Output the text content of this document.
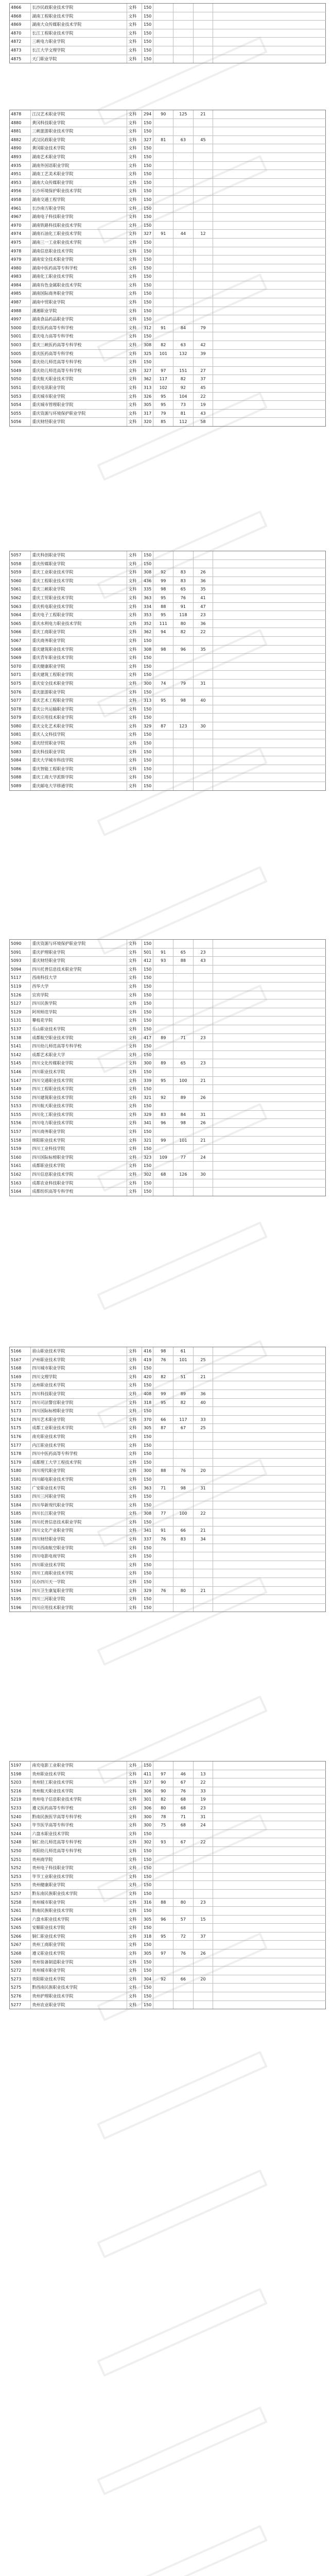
4866	长沙民政职业技术学院	文科	150
4868	湖南工程职业技术学院	文科	150
4869	湖南大众传媒职业技术学院	文科	150
4870	长江工程职业技术学院	文科	150
4872	三峡电力职业学院	文科	150
4873	长江大学文理学院	文科	150
4875	天门职业学院	文科	150
4878	江汉艺术职业学院	文科	294	90	125	21
4880	黄冈科技职业学院	文科	150
4881	三峡旅游职业技术学院	文科	150
4882	武汉民政职业学院	文科	327	81	63	45
4890	黄冈职业技术学院	文科	150
4893	湖南艺术职业学院	文科	150
4935	湖南外国语职业学院	文科	150
4951	湖南工艺美术职业学院	文科	150
4953	湖南大众传媒职业学院	文科	150
4956	长沙环境保护职业技术学院	文科	150
4958	湖南交通工程学院	文科	150
4961	长沙南方职业学院	文科	150
4967	湖南电子科技职业学院	文科	150
4970	湖南铁路科技职业技术学院	文科	150
4974	湖南石油化工职业技术学院	文科	327	91	44	12
4975	湖南三一工业职业技术学院	文科	150
4978	湖南信息职业技术学院	文科	150
4979	湖南安全技术职业学院	文科	150
4980	湖南中医药高等专科学校	文科	150
4983	湖南化工职业技术学院	文科	150
4984	湖南有色金属职业技术学院	文科	150
4985	湖南国际商务职业学院	文科	150
4987	湖南中贸职业学院	文科	150
4988	潇湘职业学院	文科	150
4997	湖南食品药品职业学院	文科	150
5000	重庆医药高等专科学校	文科	312	91	84	79
5001	重庆电力高等专科学校	文科	150
5003	重庆三峡医药高等专科学校	文科	308	82	63	42
5005	重庆医药高等专科学校	文科	325	101	132	39
5006	重庆幼儿师范高等专科学校	文科	150
5049	重庆幼儿师范高等专科学校	文科	327	97	151	27
5050	重庆航天职业技术学院	文科	362	117	82	37
5051	重庆电讯职业学院	文科	313	102	92	45
5053	重庆城市职业学院	文科	326	95	104	22
5054	重庆城市管理职业学院	文科	305	95	73	19
5055	重庆资源与环境保护职业学院	文科	317	79	81	43
5056	重庆财经职业学院	文科	320	85	112	58
5057	重庆科创职业学院	文科	150
5058	重庆传媒职业学院	文科	150
5059	重庆工业职业技术学院	文科	308	92	83	26
5060	重庆工程职业技术学院	文科	436	99	83	36
5061	重庆三峡职业学院	文科	335	98	65	35
5062	重庆工贸职业技术学院	文科	363	95	76	41
5063	重庆机电职业技术学院	文科	334	88	91	47
5064	重庆电子工程职业学院	文科	353	95	118	23
5065	重庆水利电力职业技术学院	文科	352	111	80	36
5066	重庆工商职业学院	文科	362	94	82	22
5067	重庆商务职业学院	文科	150
5068	重庆建筑职业技术学院	文科	308	98	96	35
5069	重庆青年职业技术学院	文科	150
5070	重庆健康职业学院	文科	150
5071	重庆建筑工程职业学院	文科	150
5075	重庆安全技术职业学院	文科	300	74	79	31
5076	重庆旅游职业学院	文科	150
5077	重庆艺术工程职业学院	文科	313	95	98	40
5078	重庆公共运输职业学院	文科	150
5079	重庆应用技术职业学院	文科	150
5080	重庆文化艺术职业学院	文科	329	87	123	30
5081	重庆人文科技学院	文科	150
5082	重庆经贸职业学院	文科	150
5083	重庆科技职业学院	文科	150
5084	重庆大学城市科技学院	文科	150
5086	重庆智能工程职业学院	文科	150
5088	重庆工商大学派斯学院	文科	150
5089	重庆邮电大学移通学院	文科	150
5090	重庆资源与环境保护职业学院	文科	150
5091	重庆护理职业学院	文科	501	91	65	23
5093	重庆财经职业学院	文科	412	93	88	43
5094	四川托普信息技术职业学院	文科	150
5117	西南科技大学	文科	150
5119	西华大学	文科	150
5126	宜宾学院	文科	150
5127	四川民族学院	文科	150
5129	阿坝师范学院	文科	150
5131	攀枝花学院	文科	150
5137	乐山职业技术学院	文科	150
5138	成都航空职业技术学院	文科	417	89	71	23
5141	四川幼儿师范高等专科学校	文科	150
5142	成都艺术职业大学	文科	150
5145	四川文化传媒职业学院	文科	300	89	65	23
5146	四川职业技术学院	文科	150
5147	四川交通职业技术学院	文科	339	95	100	21
5149	四川工程职业技术学院	文科	150
5150	四川建筑职业技术学院	文科	321	92	89	26
5153	四川航天职业技术学院	文科	150
5155	四川化工职业技术学院	文科	329	83	84	31
5156	四川电力职业技术学院	文科	341	96	98	26
5157	四川商务职业学院	文科	150
5158	绵阳职业技术学院	文科	321	99	101	21
5159	四川工业科技学院	文科	150
5160	四川国际标榜职业学院	文科	323	109	77	24
5161	成都职业技术学院	文科	150
5162	四川信息职业技术学院	文科	302	68	126	30
5163	成都农业科技职业学院	文科	150
5164	成都纺织高等专科学校	文科	150
5166	眉山职业技术学院	文科	416	98	61
5167	泸州职业技术学院	文科	419	76	101	25
5168	四川城市职业学院	文科	150
5169	四川文理学院	文科	420	82	51	21
5170	达州职业技术学院	文科	150
5171	四川科技职业学院	文科	408	99	89	36
5172	四川司法警官职业学院	文科	318	95	82	40
5173	四川国际标榜职业学院	文科	150
5174	四川艺术职业学院	文科	370	66	117	33
5175	成都工业职业技术学院	文科	305	87	67	25
5176	南充职业技术学院	文科	150
5177	内江职业技术学院	文科	150
5178	四川中医药高等专科学校	文科	150
5179	成都理工大学工程技术学院	文科	150
5180	四川现代职业学院	文科	300	88	76	20
5181	四川邮电职业技术学院	文科	150
5182	广安职业技术学院	文科	363	71	98	31
5183	四川三河职业学院	文科	150
5184	四川华新现代职业学院	文科	150
5185	四川长江职业学院	文科	308	77	100	22
5186	四川托普信息技术职业学院	文科	150
5187	四川文化产业职业学院	文科	341	91	66	21
5188	四川财经职业学院	文科	337	76	83	34
5189	四川西南航空职业学院	文科	150
5190	四川电影电视学院	文科	150
5191	四川职业技术学院	文科	150
5192	四川工商职业技术学院	文科	150
5193	民办四川天一学院	文科	150
5194	四川卫生康复职业学院	文科	329	76	80	21
5195	四川三河职业学院	文科	150
5196	四川应用技术职业学院	文科	150
5197	南充电影工业职业学院	文科	150
5198	贵州职业技术学院	文科	411	97	46	13
5203	贵州轻工职业技术学院	文科	327	90	67	22
5216	贵州航天职业技术学院	文科	306	90	76	33
5219	贵州电子信息职业技术学院	文科	301	82	68	19
5233	遵义医药高等专科学校	文科	306	80	68	23
5240	黔南民族医学高等专科学校	文科	300	78	71	31
5243	毕节医学高等专科学校	文科	300	75	68	24
5244	六盘水职业技术学院	文科	150
5248	铜仁幼儿师范高等专科学校	文科	302	93	67	22
5250	贵阳幼儿师范高等专科学校	文科	150
5251	贵州商学院	文科	150
5252	贵州电子科技职业学院	文科	150
5253	毕节工业职业技术学院	文科	150
5255	贵州健康职业学院	文科	150
5257	黔东南民族职业技术学院	文科	150
5258	贵州城市职业学院	文科	316	88	80	23
5261	黔南民族职业技术学院	文科	150
5264	六盘水职业技术学院	文科	305	96	57	15
5265	安顺职业技术学院	文科	150
5266	铜仁职业技术学院	文科	318	95	72	37
5267	贵州工商职业学院	文科	150
5268	遵义职业技术学院	文科	305	97	76	26
5269	贵州装备制造职业学院	文科	150
5272	贵州城市职业学院	文科	150
5273	贵阳职业技术学院	文科	304	92	66	20
5275	黔西南民族职业技术学院	文科	150
5276	贵州护理职业技术学院	文科	150
5277	贵州农业职业学院	文科	150
